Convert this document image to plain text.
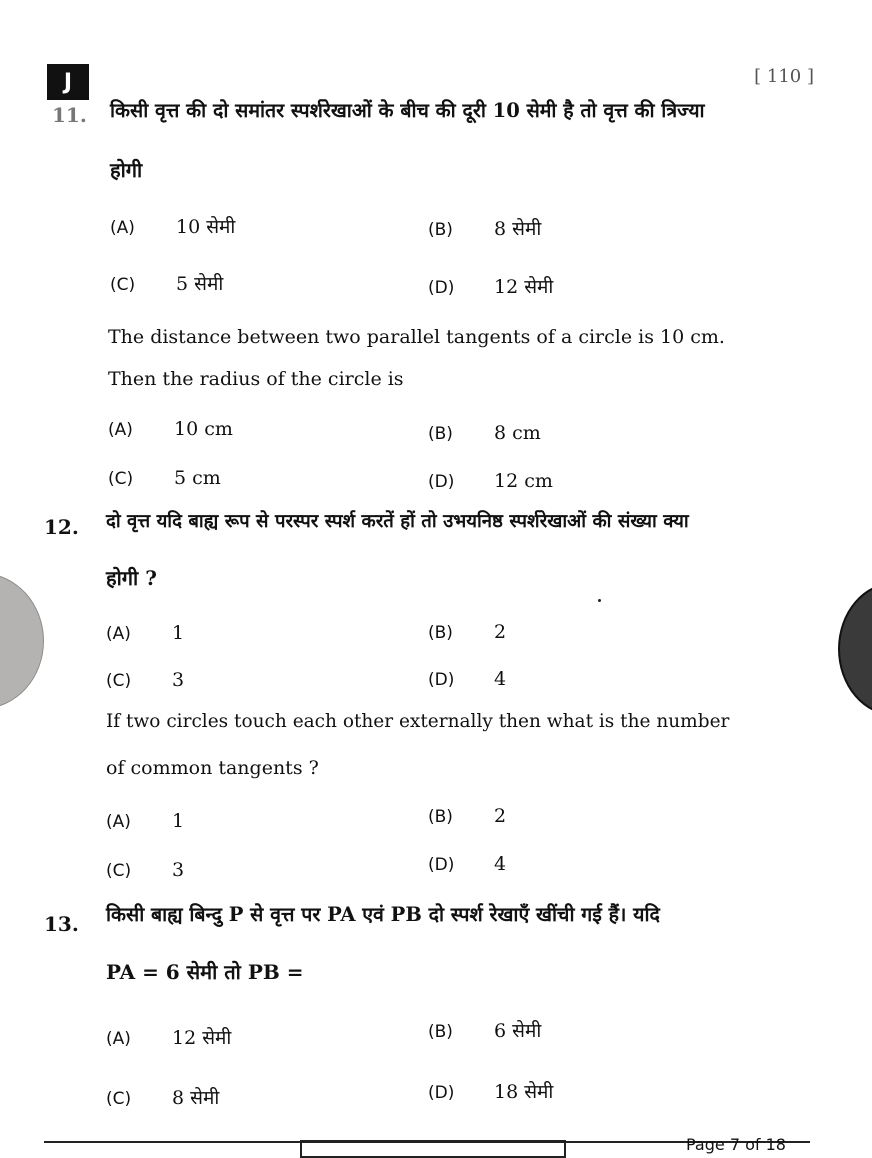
J	[ 110 ]
11. किसी वृत्त की दो समांतर स्पर्शरेखाओं के बीच की दूरी 10 सेमी है तो वृत्त की त्रिज्या
होगी
(A) 10 सेमी	(B) 8 सेमी
(C) 5 सेमी	(D) 12 सेमी
The distance between two parallel tangents of a circle is 10 cm.
Then the radius of the circle is
(A) 10 cm	(B) 8 cm
(C) 5 cm	(D) 12 cm
12. दो वृत्त यदि बाह्य रूप से परस्पर स्पर्श करतें हों तो उभयनिष्ठ स्पर्शरेखाओं की संख्या क्या
होगी ?
(A) 1	(B) 2
(C) 3	(D) 4
If two circles touch each other externally then what is the number
of common tangents ?
(A) 1	(B) 2
(C) 3	(D) 4
13. किसी बाह्य बिन्दु P से वृत्त पर PA एवं PB दो स्पर्श रेखाएँ खींची गई हैं। यदि
PA = 6 सेमी तो PB =
(A) 12 सेमी	(B) 6 सेमी
(C) 8 सेमी	(D) 18 सेमी
Page 7 of 18
